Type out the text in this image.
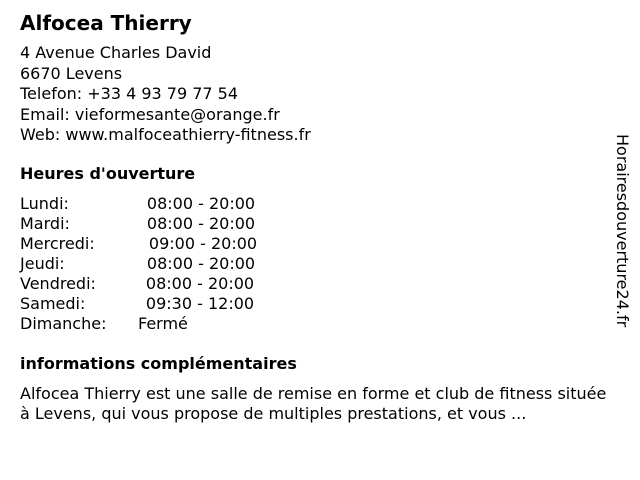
Alfocea Thierry
4 Avenue Charles David
6670 Levens
Telefon: +33 4 93 79 77 54
Email: vieformesante@orange.fr
Web: www.malfoceathierry-fitness.fr
Heures d'ouverture
Lundi:	08:00 - 20:00
Mardi:	08:00 - 20:00
Mercredi:	09:00 - 20:00
Jeudi:	08:00 - 20:00
Vendredi:	08:00 - 20:00
Samedi:	09:30 - 12:00
Dimanche: Fermé
informations complémentaires
Alfocea Thierry est une salle de remise en forme et club de fitness située à Levens, qui vous propose de multiples prestations, et vous ...
Horairesdouverture24.fr
